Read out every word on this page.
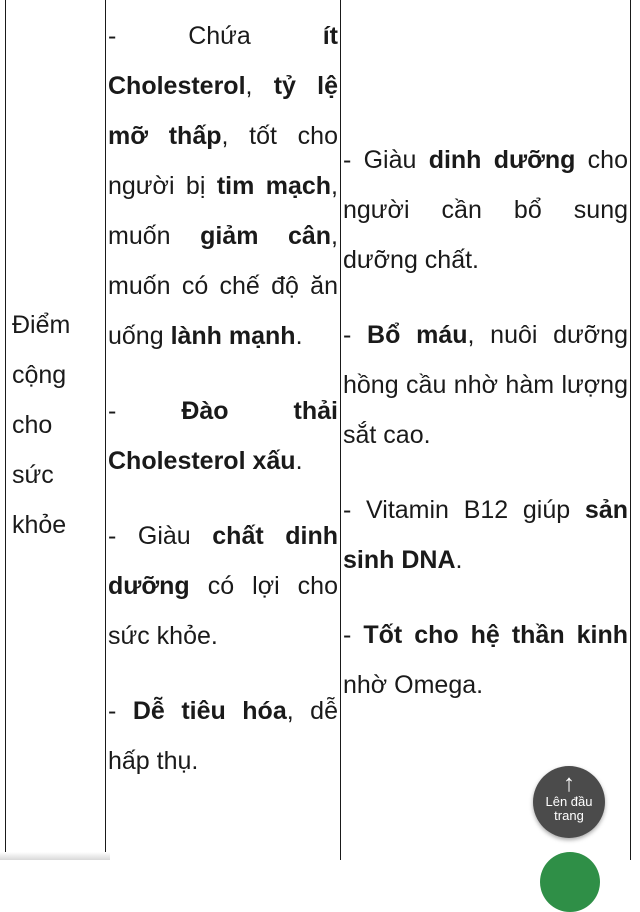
Điểm
cộng
cho
sức
khỏe
- Chứa ít Cholesterol, tỷ lệ mỡ thấp, tốt cho người bị tim mạch, muốn giảm cân, muốn có chế độ ăn uống lành mạnh.
- Đào thải Cholesterol xấu.
- Giàu chất dinh dưỡng có lợi cho sức khỏe.
- Dễ tiêu hóa, dễ hấp thụ.
- Giàu dinh dưỡng cho người cần bổ sung dưỡng chất.
- Bổ máu, nuôi dưỡng hồng cầu nhờ hàm lượng sắt cao.
- Vitamin B12 giúp sản sinh DNA.
- Tốt cho hệ thần kinh nhờ Omega.
↑
Lên đầu trang
